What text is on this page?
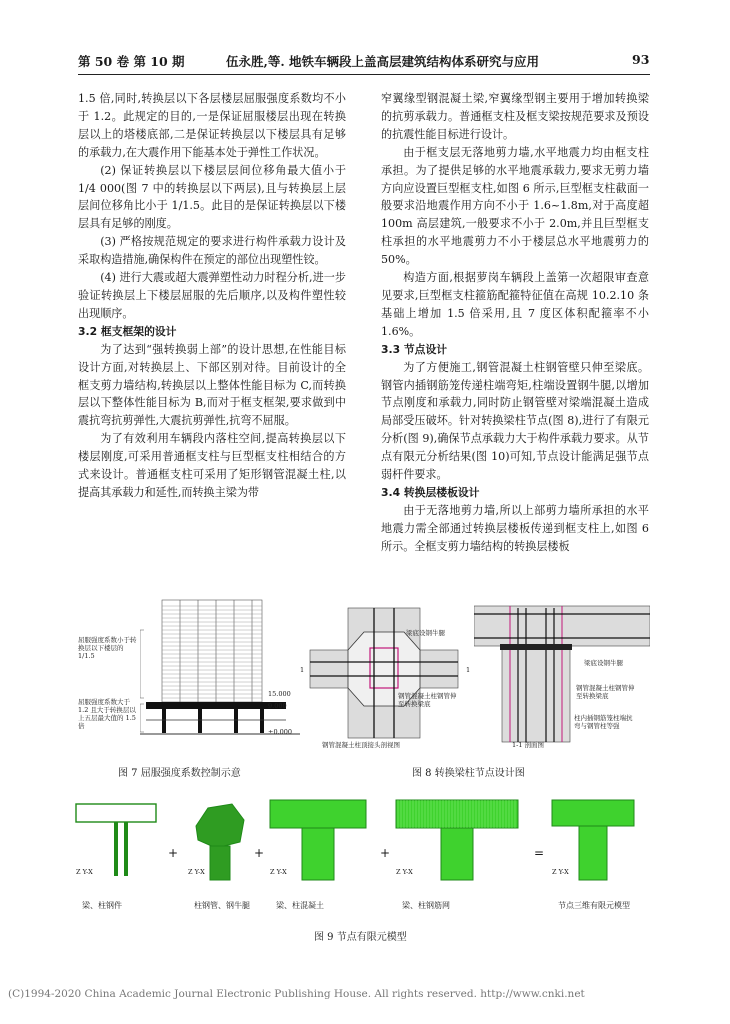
第 50 卷 第 10 期	伍永胜,等. 地铁车辆段上盖高层建筑结构体系研究与应用	93

1.5 倍,同时,转换层以下各层楼层屈服强度系数均不小于 1.2。此规定的目的,一是保证屈服楼层出现在转换层以上的塔楼底部,二是保证转换层以下楼层具有足够的承载力,在大震作用下能基本处于弹性工作状况。

(2) 保证转换层以下楼层层间位移角最大值小于 1/4 000(图 7 中的转换层以下两层),且与转换层上层层间位移角比小于 1/1.5。此目的是保证转换层以下楼层具有足够的刚度。

(3) 严格按规范规定的要求进行构件承载力设计及采取构造措施,确保构件在预定的部位出现塑性铰。

(4) 进行大震或超大震弹塑性动力时程分析,进一步验证转换层上下楼层屈服的先后顺序,以及构件塑性较出现顺序。

3.2 框支框架的设计

为了达到“强转换弱上部”的设计思想,在性能目标设计方面,对转换层上、下部区别对待。目前设计的全框支剪力墙结构,转换层以上整体性能目标为 C,而转换层以下整体性能目标为 B,而对于框支框架,要求做到中震抗弯抗剪弹性,大震抗剪弹性,抗弯不屈服。

为了有效利用车辆段内落柱空间,提高转换层以下楼层刚度,可采用普通框支柱与巨型框支柱相结合的方式来设计。普通框支柱可采用了矩形钢管混凝土柱,以提高其承载力和延性,而转换主梁为带

窄翼缘型钢混凝土梁,窄翼缘型钢主要用于增加转换梁的抗剪承载力。普通框支柱及框支梁按规范要求及预设的抗震性能目标进行设计。

由于框支层无落地剪力墙,水平地震力均由框支柱承担。为了提供足够的水平地震承载力,要求无剪力墙方向应设置巨型框支柱,如图 6 所示,巨型框支柱截面一般要求沿地震作用方向不小于 1.6~1.8m,对于高度超 100m 高层建筑,一般要求不小于 2.0m,并且巨型框支柱承担的水平地震剪力不小于楼层总水平地震剪力的 50%。

构造方面,根据萝岗车辆段上盖第一次超限审查意见要求,巨型框支柱箍筋配箍特征值在高规 10.2.10 条基础上增加 1.5 倍采用,且 7 度区体积配箍率不小 1.6%。

3.3 节点设计

为了方便施工,钢管混凝土柱钢管壁只伸至梁底。钢管内插钢筋笼传递柱端弯矩,柱端设置钢牛腿,以增加节点刚度和承载力,同时防止钢管壁对梁端混凝土造成局部受压破坏。针对转换梁柱节点(图 8),进行了有限元分析(图 9),确保节点承载力大于构件承载力要求。从节点有限元分析结果(图 10)可知,节点设计能满足强节点弱杆件要求。

3.4 转换层楼板设计

由于无落地剪力墙,所以上部剪力墙所承担的水平地震力需全部通过转换层楼板传递到框支柱上,如图 6 所示。全框支剪力墙结构的转换层楼板

屈服强度系数小于转换层以下楼层的 1/1.5
屈服强度系数大于 1.2 且大于转换层以上五层最大值的 1.5 倍
15.000
9.000
±0.000
图 7 屈服强度系数控制示意
1	1
梁底设钢牛腿
钢管混凝土柱钢管伸至转换梁底
钢管混凝土柱顶接头剖视图
梁底设钢牛腿
钢管混凝土柱钢管伸至转换梁底
柱内插钢筋笼柱端抗弯与钢管柱等强
1-1 剖面图
图 8 转换梁柱节点设计图
Z Y-X
梁、柱钢件
Z Y-X
柱钢管、钢牛腿
Z Y-X
梁、柱混凝土
Z Y-X
梁、柱钢筋网
Z Y-X
节点三维有限元模型
+	+	+	=
图 9 节点有限元模型
(C)1994-2020 China Academic Journal Electronic Publishing House. All rights reserved. http://www.cnki.net
